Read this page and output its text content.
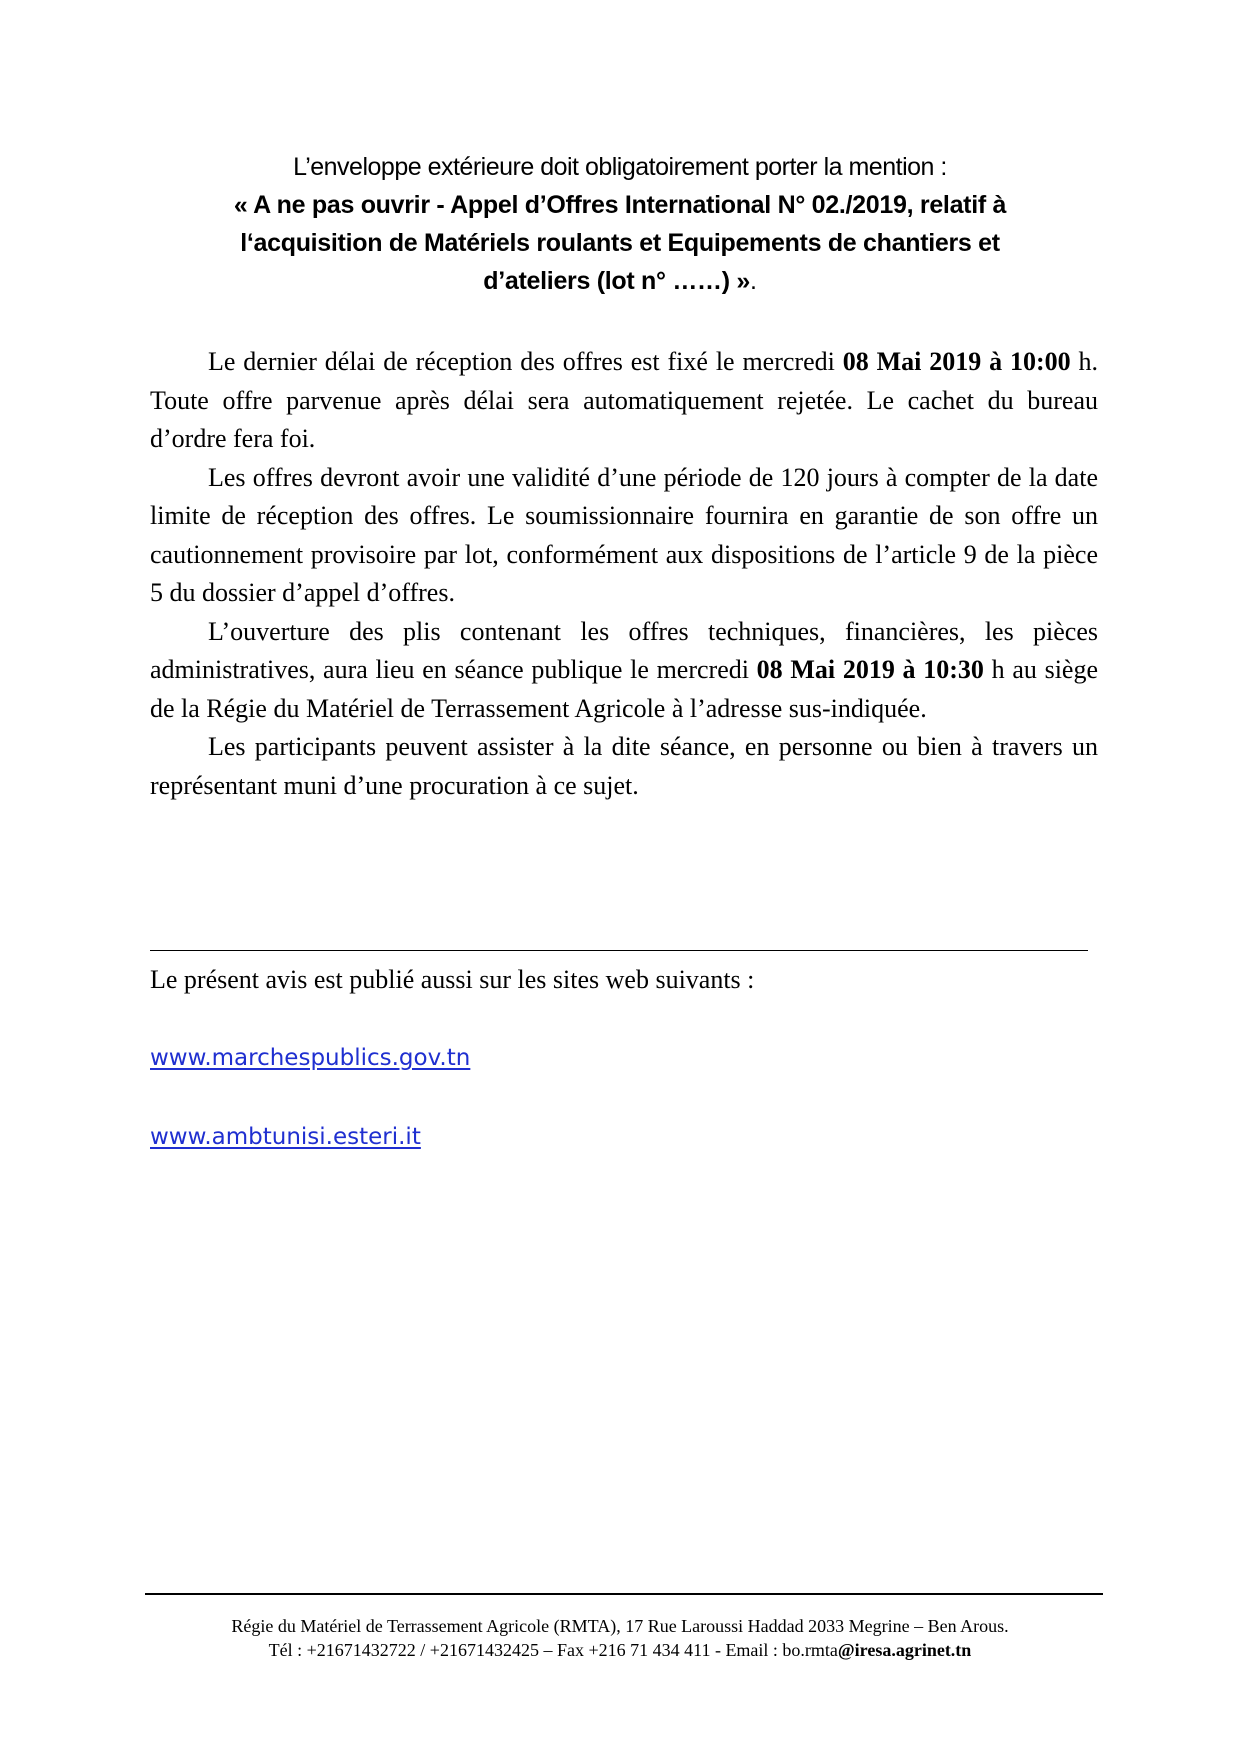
L’enveloppe extérieure doit obligatoirement porter la mention :
« A ne pas ouvrir - Appel d’Offres International N° 02./2019, relatif à
l‘acquisition de Matériels roulants et Equipements de chantiers et
d’ateliers (lot n° ……) ».

Le dernier délai de réception des offres est fixé le mercredi 08 Mai 2019 à 10:00 h. Toute offre parvenue après délai sera automatiquement rejetée. Le cachet du bureau d’ordre fera foi.

Les offres devront avoir une validité d’une période de 120 jours à compter de la date limite de réception des offres. Le soumissionnaire fournira en garantie de son offre un cautionnement provisoire par lot, conformément aux dispositions de l’article 9 de la pièce 5 du dossier d’appel d’offres.

L’ouverture des plis contenant les offres techniques, financières, les pièces administratives, aura lieu en séance publique le mercredi 08 Mai 2019 à 10:30 h au siège de la Régie du Matériel de Terrassement Agricole à l’adresse sus-indiquée.

Les participants peuvent assister à la dite séance, en personne ou bien à travers un représentant muni d’une procuration à ce sujet.

Le présent avis est publié aussi sur les sites web suivants :
www.marchespublics.gov.tn
www.ambtunisi.esteri.it
Régie du Matériel de Terrassement Agricole (RMTA), 17 Rue Laroussi Haddad 2033 Megrine – Ben Arous.
Tél : +21671432722 / +21671432425 – Fax +216 71 434 411 - Email : bo.rmta@iresa.agrinet.tn
